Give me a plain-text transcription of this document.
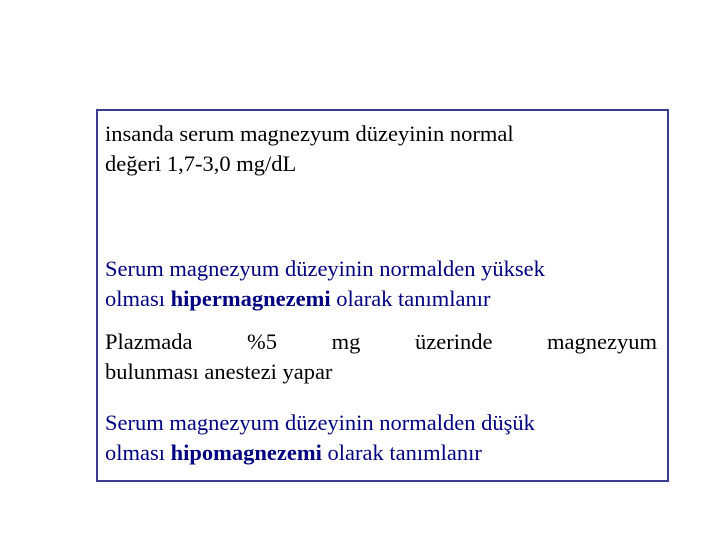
insanda serum magnezyum düzeyinin normal
değeri 1,7-3,0 mg/dL
Serum magnezyum düzeyinin normalden yüksek
olması hipermagnezemi olarak tanımlanır
Plazmada %5 mg üzerinde magnezyum
bulunması anestezi yapar
Serum magnezyum düzeyinin normalden düşük
olması hipomagnezemi olarak tanımlanır
